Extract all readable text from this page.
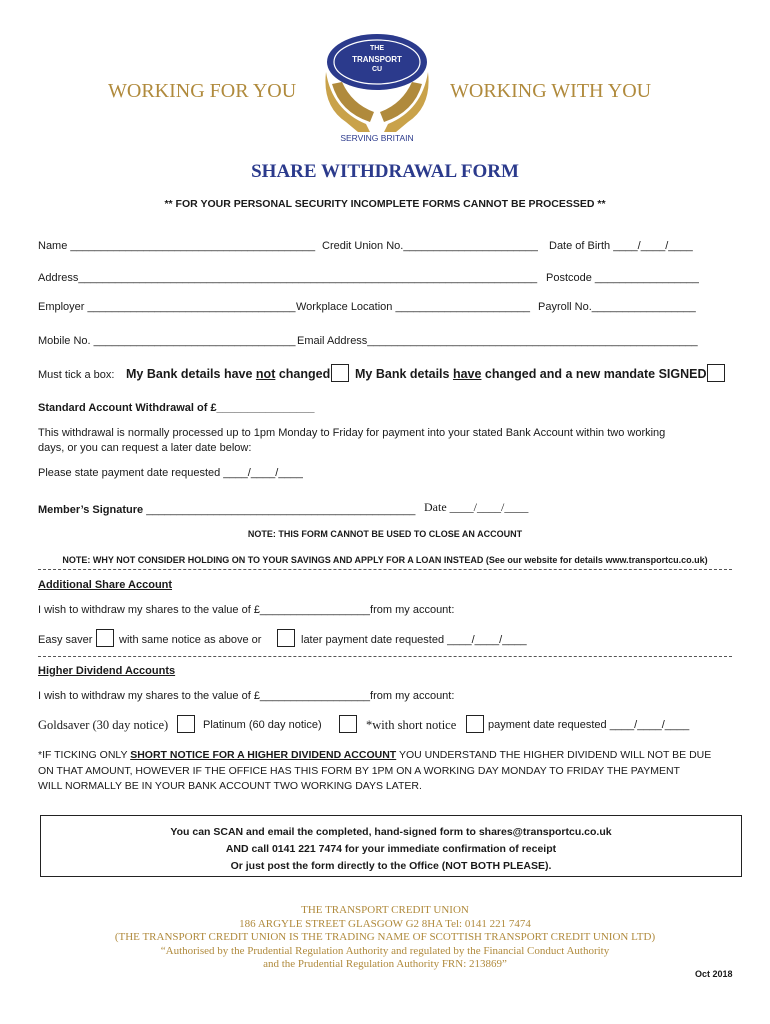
WORKING FOR YOU	WORKING WITH YOU
THE
TRANSPORT
CU
SERVING BRITAIN
SHARE WITHDRAWAL FORM
** FOR YOUR PERSONAL SECURITY INCOMPLETE FORMS CANNOT BE PROCESSED **
Name ________________________________________ Credit Union No.______________________ Date of Birth ____/____/____
Address___________________________________________________________________________ Postcode _________________
Employer __________________________________ Workplace Location ______________________ Payroll No._________________
Mobile No. _________________________________ Email Address______________________________________________________
Must tick a box: My Bank details have not changed My Bank details have changed and a new mandate SIGNED
Standard Account Withdrawal of £________________
This withdrawal is normally processed up to 1pm Monday to Friday for payment into your stated Bank Account within two working
days, or you can request a later date below:
Please state payment date requested ____/____/____
Member’s Signature ____________________________________________ Date ____/____/____
NOTE: THIS FORM CANNOT BE USED TO CLOSE AN ACCOUNT
NOTE: WHY NOT CONSIDER HOLDING ON TO YOUR SAVINGS AND APPLY FOR A LOAN INSTEAD (See our website for details www.transportcu.co.uk)
Additional Share Account
I wish to withdraw my shares to the value of £__________________from my account:
Easy saver with same notice as above or	later payment date requested ____/____/____
Higher Dividend Accounts
I wish to withdraw my shares to the value of £__________________from my account:
Goldsaver (30 day notice)	Platinum (60 day notice)	*with short notice	payment date requested ____/____/____
*IF TICKING ONLY SHORT NOTICE FOR A HIGHER DIVIDEND ACCOUNT YOU UNDERSTAND THE HIGHER DIVIDEND WILL NOT BE DUE
ON THAT AMOUNT, HOWEVER IF THE OFFICE HAS THIS FORM BY 1PM ON A WORKING DAY MONDAY TO FRIDAY THE PAYMENT
WILL NORMALLY BE IN YOUR BANK ACCOUNT TWO WORKING DAYS LATER.
You can SCAN and email the completed, hand-signed form to shares@transportcu.co.uk
AND call 0141 221 7474 for your immediate confirmation of receipt
Or just post the form directly to the Office (NOT BOTH PLEASE).
THE TRANSPORT CREDIT UNION
186 ARGYLE STREET GLASGOW G2 8HA Tel: 0141 221 7474
(THE TRANSPORT CREDIT UNION IS THE TRADING NAME OF SCOTTISH TRANSPORT CREDIT UNION LTD)
“Authorised by the Prudential Regulation Authority and regulated by the Financial Conduct Authority
and the Prudential Regulation Authority FRN: 213869”
Oct 2018
